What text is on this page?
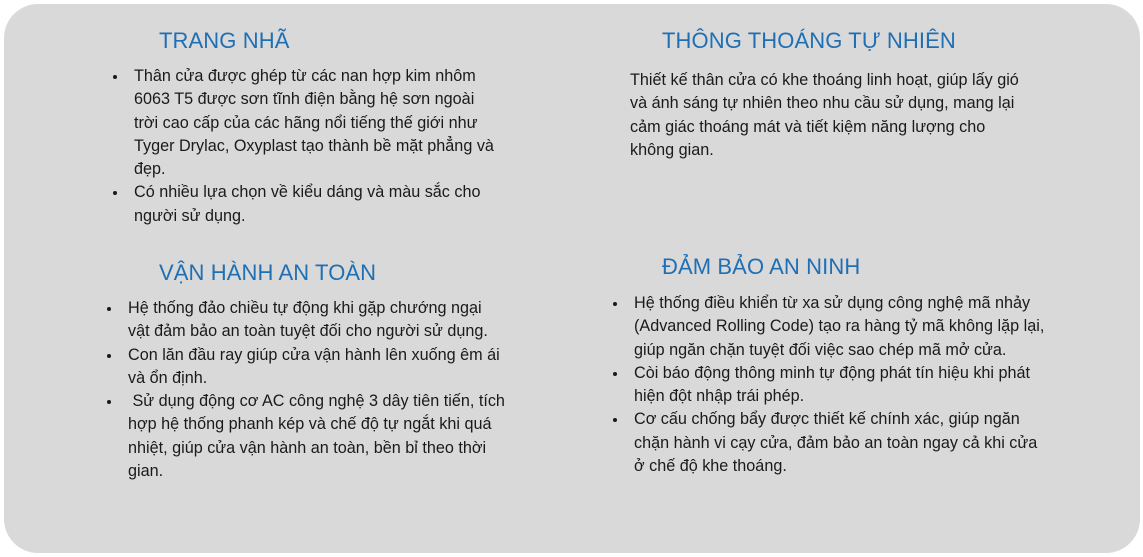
TRANG NHÃ
Thân cửa được ghép từ các nan hợp kim nhôm 6063 T5 được sơn tĩnh điện bằng hệ sơn ngoài trời cao cấp của các hãng nổi tiếng thế giới như Tyger Drylac, Oxyplast tạo thành bề mặt phẳng và đẹp.
Có nhiều lựa chọn về kiểu dáng và màu sắc cho người sử dụng.
THÔNG THOÁNG TỰ NHIÊN

Thiết kế thân cửa có khe thoáng linh hoạt, giúp lấy gió và ánh sáng tự nhiên theo nhu cầu sử dụng, mang lại cảm giác thoáng mát và tiết kiệm năng lượng cho không gian.

VẬN HÀNH AN TOÀN
Hệ thống đảo chiều tự động khi gặp chướng ngại vật đảm bảo an toàn tuyệt đối cho người sử dụng.
Con lăn đầu ray giúp cửa vận hành lên xuống êm ái và ổn định.
Sử dụng động cơ AC công nghệ 3 dây tiên tiến, tích hợp hệ thống phanh kép và chế độ tự ngắt khi quá nhiệt, giúp cửa vận hành an toàn, bền bỉ theo thời gian.
ĐẢM BẢO AN NINH
Hệ thống điều khiển từ xa sử dụng công nghệ mã nhảy (Advanced Rolling Code) tạo ra hàng tỷ mã không lặp lại, giúp ngăn chặn tuyệt đối việc sao chép mã mở cửa.
Còi báo động thông minh tự động phát tín hiệu khi phát hiện đột nhập trái phép.
Cơ cấu chống bẩy được thiết kế chính xác, giúp ngăn chặn hành vi cạy cửa, đảm bảo an toàn ngay cả khi cửa ở chế độ khe thoáng.
